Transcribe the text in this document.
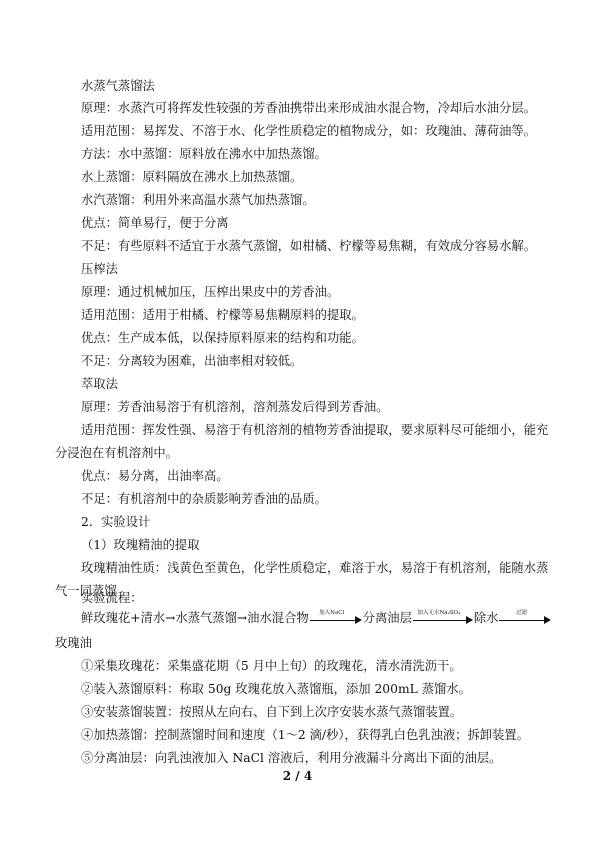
水蒸气蒸馏法
原理：水蒸汽可将挥发性较强的芳香油携带出来形成油水混合物，冷却后水油分层。
适用范围：易挥发、不溶于水、化学性质稳定的植物成分，如：玫瑰油、薄荷油等。
方法：水中蒸馏：原料放在沸水中加热蒸馏。
水上蒸馏：原料隔放在沸水上加热蒸馏。
水汽蒸馏：利用外来高温水蒸气加热蒸馏。
优点：简单易行，便于分离
不足：有些原料不适宜于水蒸气蒸馏，如柑橘、柠檬等易焦糊，有效成分容易水解。
压榨法
原理：通过机械加压，压榨出果皮中的芳香油。
适用范围：适用于柑橘、柠檬等易焦糊原料的提取。
优点：生产成本低，以保持原料原来的结构和功能。
不足：分离较为困难，出油率相对较低。
萃取法
原理：芳香油易溶于有机溶剂，溶剂蒸发后得到芳香油。
适用范围：挥发性强、易溶于有机溶剂的植物芳香油提取，要求原料尽可能细小，能充
分浸泡在有机溶剂中。
优点：易分离，出油率高。
不足：有机溶剂中的杂质影响芳香油的品质。
2．实验设计
（1）玫瑰精油的提取
玫瑰精油性质：浅黄色至黄色，化学性质稳定，难溶于水，易溶于有机溶剂，能随水蒸
气一同蒸馏
实验流程：
鲜玫瑰花+清水→水蒸气蒸馏→油水混合物	加入NaCl	分离油层	加入无水Na₂SO₄	除水	过滤
玫瑰油
①采集玫瑰花：采集盛花期（5 月中上旬）的玫瑰花，清水清洗沥干。
②装入蒸馏原料：称取 50g 玫瑰花放入蒸馏瓶，添加 200mL 蒸馏水。
③安装蒸馏装置：按照从左向右、自下到上次序安装水蒸气蒸馏装置。
④加热蒸馏：控制蒸馏时间和速度（1～2 滴/秒），获得乳白色乳浊液；拆卸装置。
⑤分离油层：向乳浊液加入 NaCl 溶液后，利用分液漏斗分离出下面的油层。
2 / 4
